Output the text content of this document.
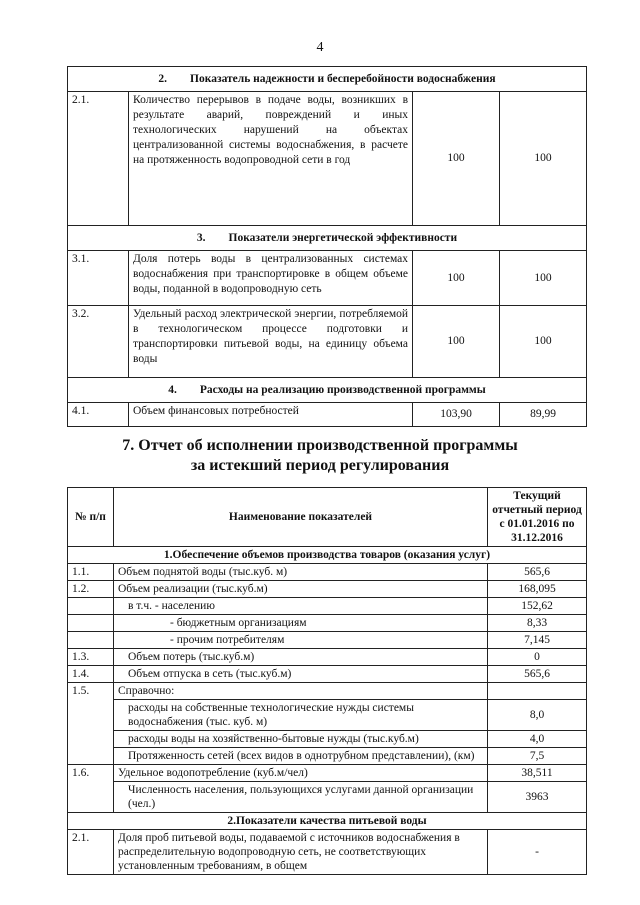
4
2. Показатель надежности и бесперебойности водоснабжения			
2.1.	Количество перерывов в подаче воды, возникших в результате аварий, повреждений и иных технологических нарушений на объектах централизованной системы водоснабжения, в расчете на протяженность водопроводной сети в год	100	100
3. Показатели энергетической эффективности			
3.1.	Доля потерь воды в централизованных системах водоснабжения при транспортировке в общем объеме воды, поданной в водопроводную сеть	100	100
3.2.	Удельный расход электрической энергии, потребляемой в технологическом процессе подготовки и транспортировки питьевой воды, на единицу объема воды	100	100
4. Расходы на реализацию производственной программы			
4.1.	Объем финансовых потребностей	103,90	89,99
7. Отчет об исполнении производственной программы
за истекший период регулирования
№ п/п	Наименование показателей	Текущий отчетный период с 01.01.2016 по 31.12.2016
1.Обеспечение объемов производства товаров (оказания услуг)		
1.1.	Объем поднятой воды (тыс.куб. м)	565,6
1.2.	Объем реализации (тыс.куб.м)	168,095
	в т.ч. - населению	152,62
	- бюджетным организациям	8,33
	- прочим потребителям	7,145
1.3.	Объем потерь (тыс.куб.м)	0
1.4.	Объем отпуска в сеть (тыс.куб.м)	565,6
1.5.	Справочно:	
	расходы на собственные технологические нужды системы водоснабжения (тыс. куб. м)	8,0
	расходы воды на хозяйственно-бытовые нужды (тыс.куб.м)	4,0
	Протяженность сетей (всех видов в однотрубном представлении), (км)	7,5
1.6.	Удельное водопотребление (куб.м/чел)	38,511
	Численность населения, пользующихся услугами данной организации (чел.)	3963
2.Показатели качества питьевой воды		
2.1.	Доля проб питьевой воды, подаваемой с источников водоснабжения в распределительную водопроводную сеть, не соответствующих установленным требованиям, в общем	-
